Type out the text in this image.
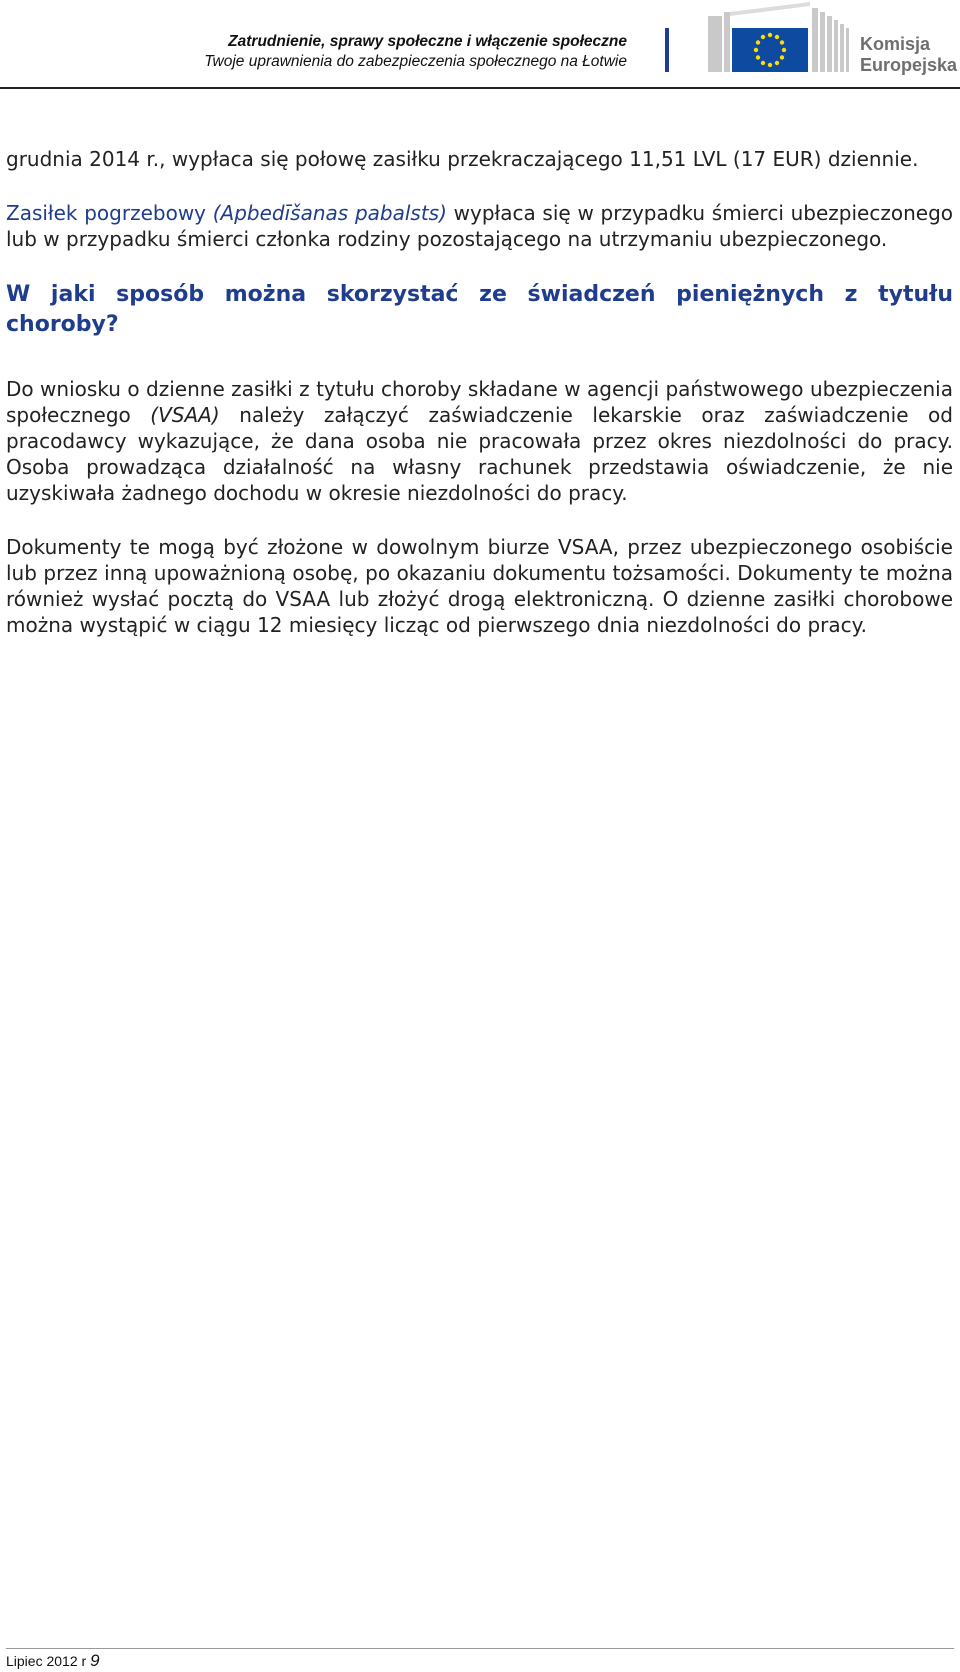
Zatrudnienie, sprawy społeczne i włączenie społeczne
Twoje uprawnienia do zabezpieczenia społecznego na Łotwie
Komisja
Europejska

grudnia 2014 r., wypłaca się połowę zasiłku przekraczającego 11,51 LVL (17 EUR) dziennie.

Zasiłek pogrzebowy (Apbedīšanas pabalsts) wypłaca się w przypadku śmierci ubezpieczonego lub w przypadku śmierci członka rodziny pozostającego na utrzymaniu ubezpieczonego.

W jaki sposób można skorzystać ze świadczeń pieniężnych z tytułu choroby?

Do wniosku o dzienne zasiłki z tytułu choroby składane w agencji państwowego ubezpieczenia społecznego (VSAA) należy załączyć zaświadczenie lekarskie oraz zaświadczenie od pracodawcy wykazujące, że dana osoba nie pracowała przez okres niezdolności do pracy. Osoba prowadząca działalność na własny rachunek przedstawia oświadczenie, że nie uzyskiwała żadnego dochodu w okresie niezdolności do pracy.

Dokumenty te mogą być złożone w dowolnym biurze VSAA, przez ubezpieczonego osobiście lub przez inną upoważnioną osobę, po okazaniu dokumentu tożsamości. Dokumenty te można również wysłać pocztą do VSAA lub złożyć drogą elektroniczną. O dzienne zasiłki chorobowe można wystąpić w ciągu 12 miesięcy licząc od pierwszego dnia niezdolności do pracy.

Lipiec 2012 r 9
